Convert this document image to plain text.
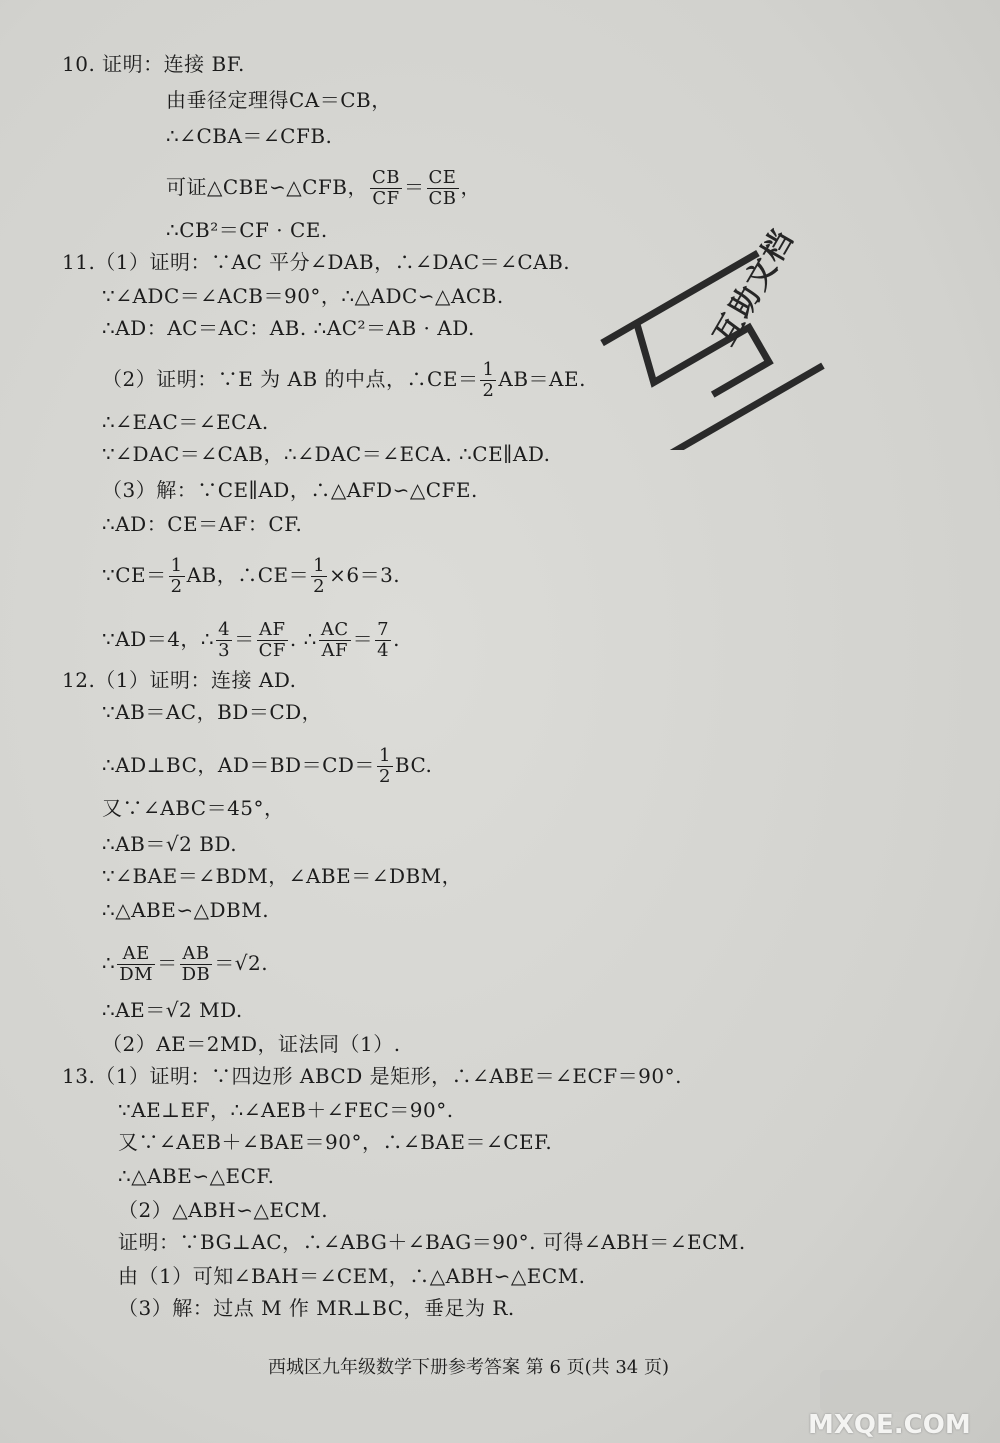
10. 证明：连接 BF.
由垂径定理得CA＝CB，
∴∠CBA＝∠CFB.
可证△CBE∽△CFB， $\frac{CB}{CF} = \frac{CE}{CB}$ ，
∴CB²＝CF · CE.
11.（1）证明：∵AC 平分∠DAB，∴∠DAC＝∠CAB.
∵∠ADC＝∠ACB＝90°，∴△ADC∽△ACB.
∴AD：AC＝AC：AB. ∴AC²＝AB · AD.
（2）证明：∵E 为 AB 的中点，∴CE＝ $\frac{1}{2} AB=AE$.
∴∠EAC＝∠ECA.
∵∠DAC＝∠CAB，∴∠DAC＝∠ECA. ∴CE∥AD.
（3）解：∵CE∥AD，∴△AFD∽△CFE.
∴AD：CE＝AF：CF.
∵CE＝ $\frac{1}{2}$ AB，∴CE＝ $\frac{1}{2} \times 6=3$.
∵AD＝4，∴ $\frac{4}{3} = \frac{AF}{CF}$ . ∴ $\frac{AC}{AF} = \frac{7}{4}$ .
12.（1）证明：连接 AD.
∵AB＝AC，BD＝CD，
∴AD⊥BC，$AD=BD=CD= \frac{1}{2}$ BC.
又∵∠ABC＝45°，
∴AB＝√2 BD.
∵∠BAE＝∠BDM，∠ABE＝∠DBM，
∴△ABE∽△DBM.
∴ $\frac{AE}{DM} = \frac{AB}{DB} =√2$.
∴AE＝√2 MD.
（2）AE＝2MD，证法同（1）.
13.（1）证明：∵四边形 ABCD 是矩形，∴∠ABE＝∠ECF＝90°.
∵AE⊥EF，∴∠AEB＋∠FEC＝90°.
又∵∠AEB＋∠BAE＝90°，∴∠BAE＝∠CEF.
∴△ABE∽△ECF.
（2）△ABH∽△ECM.
证明：∵BG⊥AC，∴∠ABG＋∠BAG＝90°. 可得∠ABH＝∠ECM.
由（1）可知∠BAH＝∠CEM，∴△ABH∽△ECM.
（3）解：过点 M 作 MR⊥BC，垂足为 R.
西城区九年级数学下册参考答案 第 6 页(共 34 页)
互助文档
MXQE.COM
